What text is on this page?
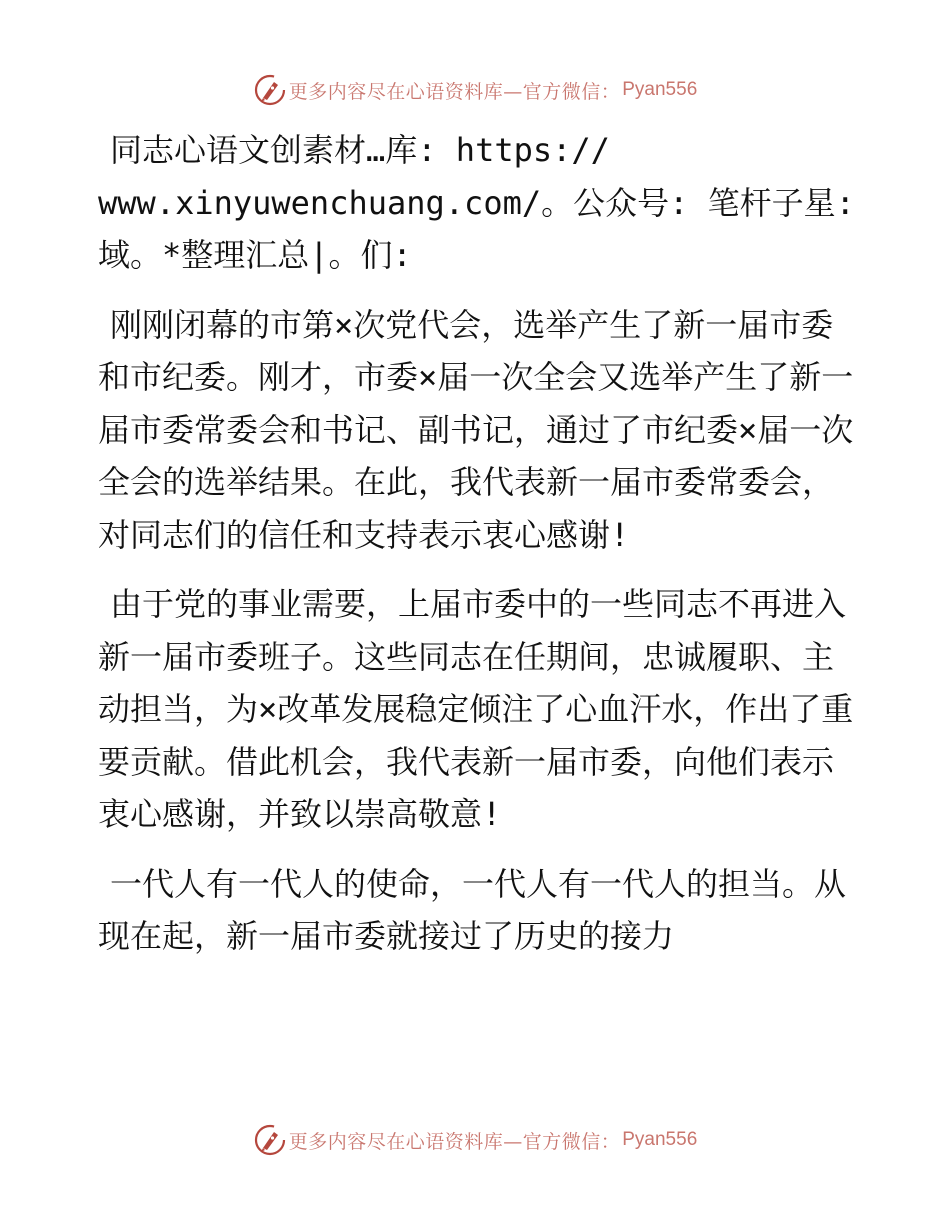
更多内容尽在心语资料库—官方微信： Pyan556

同志心语文创素材…库: https:// www.xinyuwenchuang.com/。公众号: 笔杆子星: 域。*整理汇总|。们:

刚刚闭幕的市第×次党代会，选举产生了新一届市委和市纪委。刚才，市委×届一次全会又选举产生了新一届市委常委会和书记、副书记，通过了市纪委×届一次全会的选举结果。在此，我代表新一届市委常委会，对同志们的信任和支持表示衷心感谢!

由于党的事业需要，上届市委中的一些同志不再进入新一届市委班子。这些同志在任期间，忠诚履职、主动担当，为×改革发展稳定倾注了心血汗水，作出了重要贡献。借此机会，我代表新一届市委，向他们表示衷心感谢，并致以崇高敬意!

一代人有一代人的使命，一代人有一代人的担当。从现在起，新一届市委就接过了历史的接力

更多内容尽在心语资料库—官方微信： Pyan556
